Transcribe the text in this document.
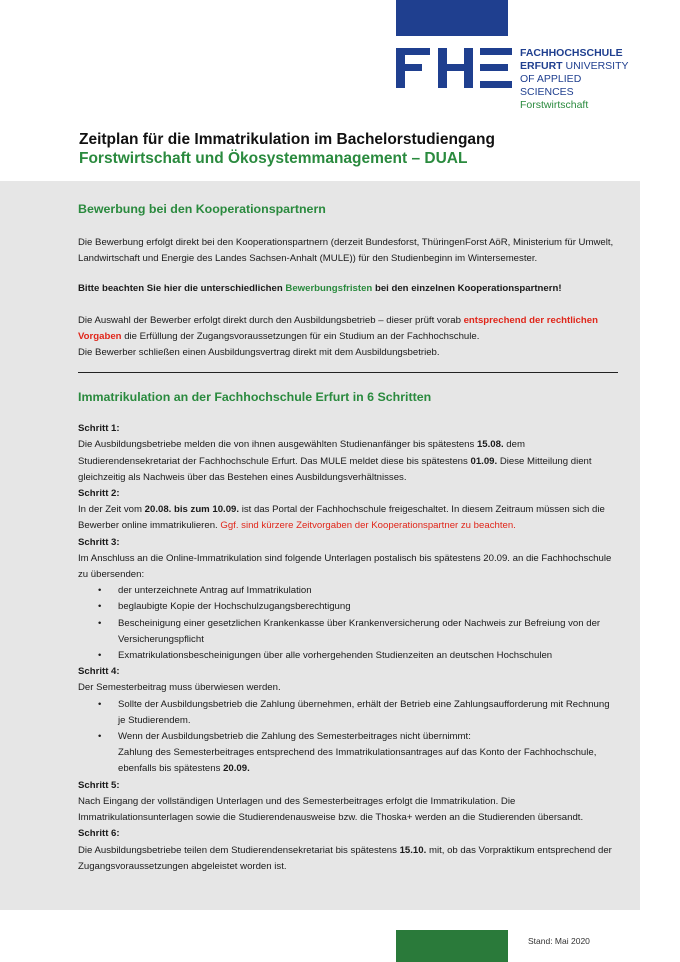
FACHHOCHSCHULE
ERFURT UNIVERSITY
OF APPLIED SCIENCES
Forstwirtschaft
Zeitplan für die Immatrikulation im Bachelorstudiengang
Forstwirtschaft und Ökosystemmanagement – DUAL
Bewerbung bei den Kooperationspartnern

Die Bewerbung erfolgt direkt bei den Kooperationspartnern (derzeit Bundesforst, ThüringenForst AöR, Ministerium für Umwelt, Landwirtschaft und Energie des Landes Sachsen-Anhalt (MULE)) für den Studienbeginn im Wintersemester.

Bitte beachten Sie hier die unterschiedlichen Bewerbungsfristen bei den einzelnen Kooperationspartnern!

Die Auswahl der Bewerber erfolgt direkt durch den Ausbildungsbetrieb – dieser prüft vorab entsprechend der rechtlichen Vorgaben die Erfüllung der Zugangsvoraussetzungen für ein Studium an der Fachhochschule.

Die Bewerber schließen einen Ausbildungsvertrag direkt mit dem Ausbildungsbetrieb.

Immatrikulation an der Fachhochschule Erfurt in 6 Schritten

Schritt 1:

Die Ausbildungsbetriebe melden die von ihnen ausgewählten Studienanfänger bis spätestens 15.08. dem Studierendensekretariat der Fachhochschule Erfurt. Das MULE meldet diese bis spätestens 01.09. Diese Mitteilung dient gleichzeitig als Nachweis über das Bestehen eines Ausbildungsverhältnisses.

Schritt 2:

In der Zeit vom 20.08. bis zum 10.09. ist das Portal der Fachhochschule freigeschaltet. In diesem Zeitraum müssen sich die Bewerber online immatrikulieren. Ggf. sind kürzere Zeitvorgaben der Kooperationspartner zu beachten.

Schritt 3:

Im Anschluss an die Online-Immatrikulation sind folgende Unterlagen postalisch bis spätestens 20.09. an die Fachhochschule zu übersenden:

• der unterzeichnete Antrag auf Immatrikulation
• beglaubigte Kopie der Hochschulzugangsberechtigung
• Bescheinigung einer gesetzlichen Krankenkasse über Krankenversicherung oder Nachweis zur Befreiung von der Versicherungspflicht
• Exmatrikulationsbescheinigungen über alle vorhergehenden Studienzeiten an deutschen Hochschulen

Schritt 4:

Der Semesterbeitrag muss überwiesen werden.

• Sollte der Ausbildungsbetrieb die Zahlung übernehmen, erhält der Betrieb eine Zahlungsaufforderung mit Rechnung je Studierendem.
• Wenn der Ausbildungsbetrieb die Zahlung des Semesterbeitrages nicht übernimmt:
Zahlung des Semesterbeitrages entsprechend des Immatrikulationsantrages auf das Konto der Fachhochschule, ebenfalls bis spätestens 20.09.

Schritt 5:

Nach Eingang der vollständigen Unterlagen und des Semesterbeitrages erfolgt die Immatrikulation. Die Immatrikulationsunterlagen sowie die Studierendenausweise bzw. die Thoska+ werden an die Studierenden übersandt.

Schritt 6:

Die Ausbildungsbetriebe teilen dem Studierendensekretariat bis spätestens 15.10. mit, ob das Vorpraktikum entsprechend der Zugangsvoraussetzungen abgeleistet worden ist.

Stand: Mai 2020
